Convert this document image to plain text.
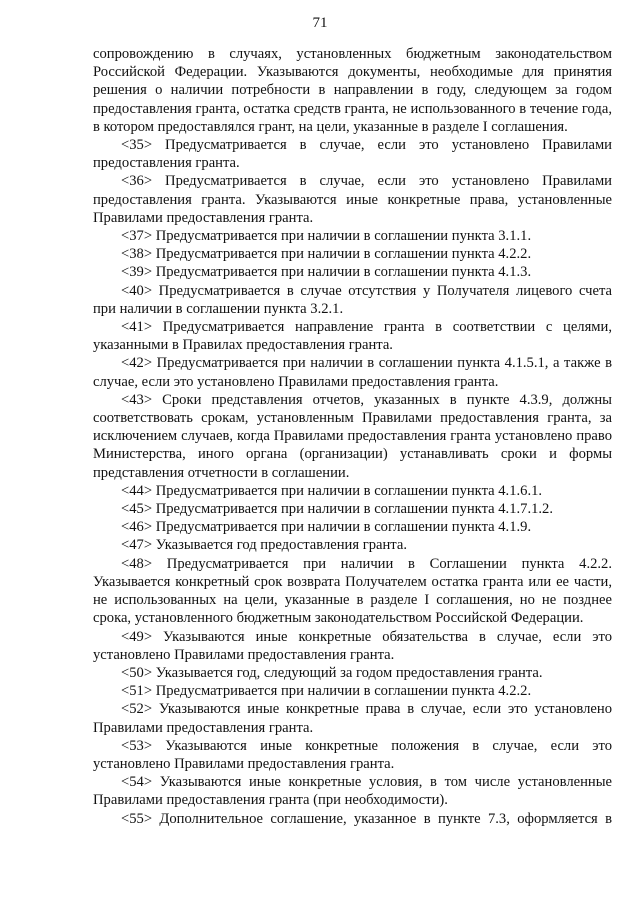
71

сопровождению в случаях, установленных бюджетным законодательством Российской Федерации. Указываются документы, необходимые для принятия решения о наличии потребности в направлении в году, следующем за годом предоставления гранта, остатка средств гранта, не использованного в течение года, в котором предоставлялся грант, на цели, указанные в разделе I соглашения.

<35> Предусматривается в случае, если это установлено Правилами предоставления гранта.

<36> Предусматривается в случае, если это установлено Правилами предоставления гранта. Указываются иные конкретные права, установленные Правилами предоставления гранта.

<37> Предусматривается при наличии в соглашении пункта 3.1.1.

<38> Предусматривается при наличии в соглашении пункта 4.2.2.

<39> Предусматривается при наличии в соглашении пункта 4.1.3.

<40> Предусматривается в случае отсутствия у Получателя лицевого счета при наличии в соглашении пункта 3.2.1.

<41> Предусматривается направление гранта в соответствии с целями, указанными в Правилах предоставления гранта.

<42> Предусматривается при наличии в соглашении пункта 4.1.5.1, а также в случае, если это установлено Правилами предоставления гранта.

<43> Сроки представления отчетов, указанных в пункте 4.3.9, должны соответствовать срокам, установленным Правилами предоставления гранта, за исключением случаев, когда Правилами предоставления гранта установлено право Министерства, иного органа (организации) устанавливать сроки и формы представления отчетности в соглашении.

<44> Предусматривается при наличии в соглашении пункта 4.1.6.1.

<45> Предусматривается при наличии в соглашении пункта 4.1.7.1.2.

<46> Предусматривается при наличии в соглашении пункта 4.1.9.

<47> Указывается год предоставления гранта.

<48> Предусматривается при наличии в Соглашении пункта 4.2.2. Указывается конкретный срок возврата Получателем остатка гранта или ее части, не использованных на цели, указанные в разделе I соглашения, но не позднее срока, установленного бюджетным законодательством Российской Федерации.

<49> Указываются иные конкретные обязательства в случае, если это установлено Правилами предоставления гранта.

<50> Указывается год, следующий за годом предоставления гранта.

<51> Предусматривается при наличии в соглашении пункта 4.2.2.

<52> Указываются иные конкретные права в случае, если это установлено Правилами предоставления гранта.

<53> Указываются иные конкретные положения в случае, если это установлено Правилами предоставления гранта.

<54> Указываются иные конкретные условия, в том числе установленные Правилами предоставления гранта (при необходимости).

<55> Дополнительное соглашение, указанное в пункте 7.3, оформляется в
